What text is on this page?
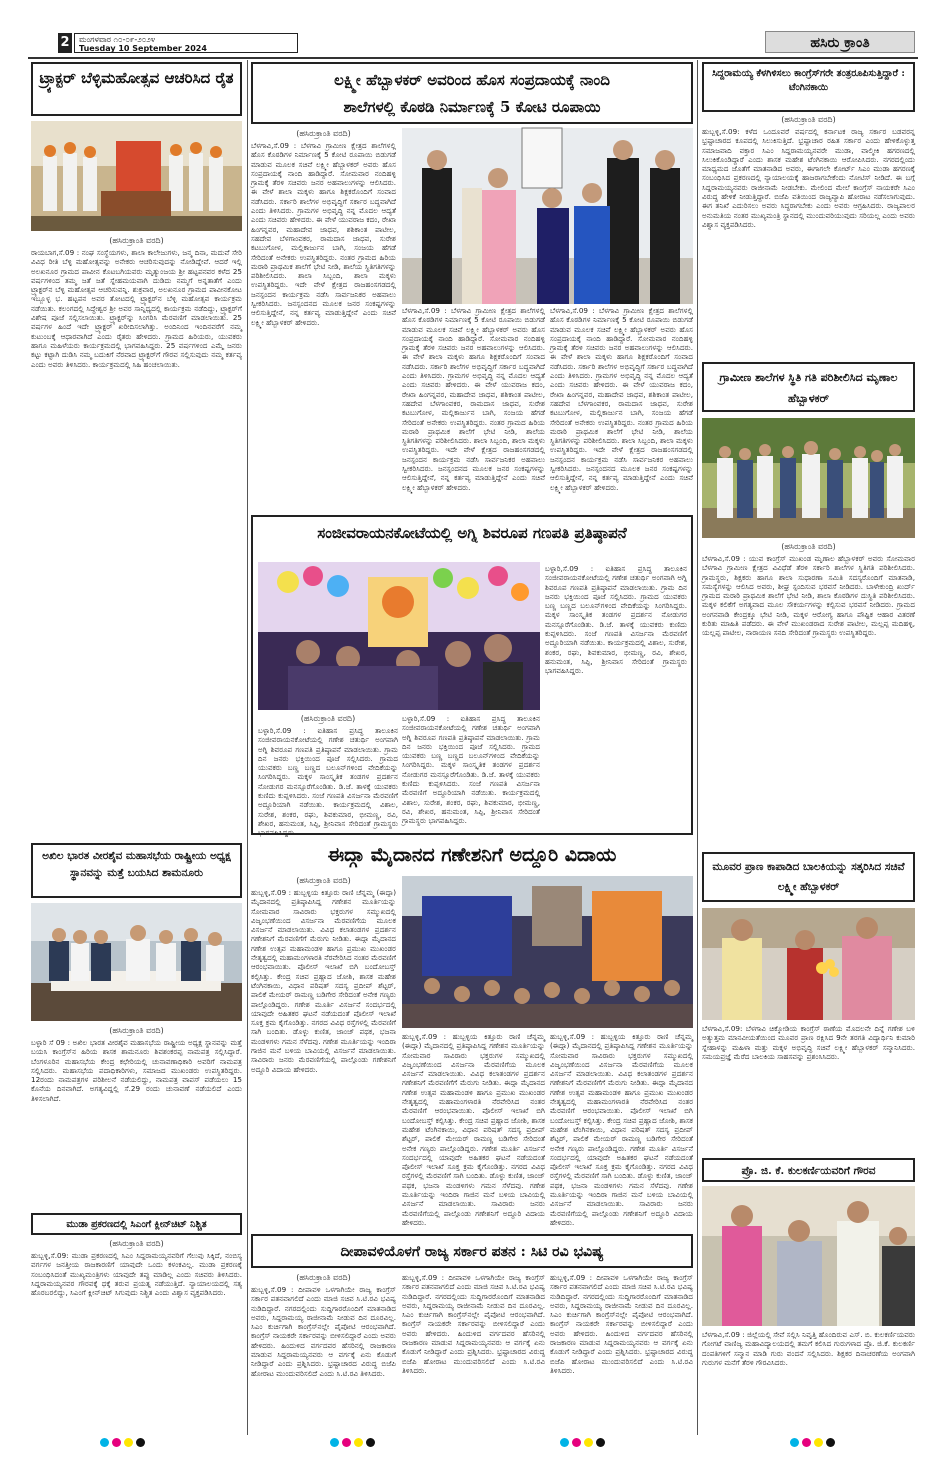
2	ಮಂಗಳವಾರ ೧೦-೦೯-೨೦೨೪
Tuesday 10 September 2024	ಹಸಿರು ಕ್ರಾಂತಿ
ಟ್ರ್ಯಾಕ್ಟರ್ ಬೆಳ್ಳಿಮಹೋತ್ಸವ ಆಚರಿಸಿದ ರೈತ
(ಹಸಿರುಕ್ರಾಂತಿ ವರದಿ)
ರಾಯಬಾಗ,ಸೆ.09 : ನಂಘ ಸಂಸ್ಥೆಯಗಳು, ಶಾಲಾ ಕಾಲೇಜುಗಳು, ಜನ್ಮ ದಿನಾ, ಮದುವೆ ಸೇರಿ ವಿವಿಧ ರೀತಿ ಬೆಳ್ಳಿ ಮಹೋತ್ಸವನ್ನು ಅನೇಕರು ಆಚರಿಸುವುದನ್ನು ನೋಡಿದ್ದೇವೆ. ಆದರೆ ಇಲ್ಲಿ ಅಲಖನೂರ ಗ್ರಾಮದ ಪಾವೀನ ಕೊಟಬಗಿಯವರು ಮೃತ್ಯುಂಜಯ ಶ್ರೀ ಹಟ್ಟಪನವರ ಕಳೆದ 25 ವರ್ಷಗಳಿಂದ ತಮ್ಮ ಜತೆ ಜತೆ ಸ್ನೇಹಮಯವಾಗಿ ದುಡಿದು ನಮ್ಮಗೆ ಅನ್ನತಾತೆಗೆ ಎಂದು ಟ್ರ್ಯಾಕ್ಟರ್‌ನ ಬೆಳ್ಳಿ ಮಹೋತ್ಸವ ಆಚರಿಸುವನ್ನಿ. ಶುಕ್ರವಾರ, ಅಲಖನೂರ ಗ್ರಾಮದ ಪಾವೀನಕೋಟ ಇಬ್ಬೂಳ್ಳ ಭ. ಹಟ್ಟಪನ ಅವರ ತೋಟದಲ್ಲಿ ಟ್ರ್ಯಾಕ್ಟರ್‌ನ ಬೆಳ್ಳಿ ಮಹೋತ್ಸವ ಕಾರ್ಯಕ್ರಮ ನಡೆಯಿತು. ಕಲಂಗದಲ್ಲಿ ಸಿದ್ಧೇಶ್ವರ ಶ್ರೀ ಅವರ ಸಾನ್ನಿಧ್ಯದಲ್ಲಿ ಕಾರ್ಯಕ್ರಮ ನಡೆದಿದ್ದು, ಟ್ರ್ಯಾಕ್ಟರ್‌ಗೆ ವಿಶೇಷ ಪೂಜೆ ಸಲ್ಲಿಸಲಾಯಿತು. ಟ್ರ್ಯಾಕ್ಟರ್‌ನ್ನು ಸಿಂಗರಿಸಿ ಮೆರವಣಿಗೆ ಮಾಡಲಾಯಿತು. 25 ವರ್ಷಗಳ ಹಿಂದೆ ಇದೇ ಟ್ರ್ಯಾಕ್ಟರ್ ಖರೀದಿಸಲಾಗಿತ್ತು. ಅಂದಿನಿಂದ ಇಂದಿನವರೆಗೆ ನಮ್ಮ ಕುಟುಂಬಕ್ಕೆ ಆಧಾರವಾಗಿದೆ ಎಂದು ರೈತರು ಹೇಳಿದರು. ಗ್ರಾಮದ ಹಿರಿಯರು, ಯುವಕರು ಹಾಗೂ ಮಹಿಳೆಯರು ಕಾರ್ಯಕ್ರಮದಲ್ಲಿ ಭಾಗವಹಿಸಿದ್ದರು. 25 ವರ್ಷಗಳಿಂದ ಎಮ್ಮೆ ಜನರು ಕಟ್ಟು ಕಟ್ಟಾಗಿ ದುಡಿಸಿ ನಮ್ಮ ಬದುಕಿಗೆ ನೆರವಾದ ಟ್ರ್ಯಾಕ್ಟರ್‌ಗೆ ಗೌರವ ಸಲ್ಲಿಸುವುದು ನಮ್ಮ ಕರ್ತವ್ಯ ಎಂದು ಅವರು ತಿಳಿಸಿದರು. ಕಾರ್ಯಕ್ರಮದಲ್ಲಿ ಸಿಹಿ ಹಂಚಲಾಯಿತು.
ಅಖಿಲ ಭಾರತ ವೀರಶೈವ ಮಹಾಸಭೆಯ ರಾಷ್ಟ್ರೀಯ ಅಧ್ಯಕ್ಷ ಸ್ಥಾನವನ್ನು ಮತ್ತೆ ಬಯಸಿದ ಶಾಮನೂರು
(ಹಸಿರುಕ್ರಾಂತಿ ವರದಿ)
ಬಳ್ಳಾರಿ ಸೆ 09 : ಅಖಿಲ ಭಾರತ ವೀರಶೈವ ಮಹಾಸಭೆಯ ರಾಷ್ಟ್ರೀಯ ಅಧ್ಯಕ್ಷ ಸ್ಥಾನವನ್ನು ಮತ್ತೆ ಬಯಸಿ ಕಾಂಗ್ರೆಸ್‌ನ ಹಿರಿಯ ಶಾಸಕ ಶಾಮನೂರು ಶಿವಶಂಕರಪ್ಪ ನಾಮಪತ್ರ ಸಲ್ಲಿಸಿದ್ದಾರೆ. ಬೆಂಗಳೂರಿನ ಮಹಾಸಭೆಯ ಕೇಂದ್ರ ಕಛೇರಿಯಲ್ಲಿ ಚುನಾವಣಾಧಿಕಾರಿ ಅವರಿಗೆ ನಾಮಪತ್ರ ಸಲ್ಲಿಸಿದರು. ಮಹಾಸಭೆಯ ಪದಾಧಿಕಾರಿಗಳು, ಸಮಾಜದ ಮುಖಂಡರು ಉಪಸ್ಥಿತರಿದ್ದರು. 12ರಂದು ನಾಮಪತ್ರಗಳ ಪರಿಶೀಲನೆ ನಡೆಯಲಿದ್ದು, ನಾಮಪತ್ರ ವಾಪಸ್ ಪಡೆಯಲು 15 ಕೊನೆಯ ದಿನವಾಗಿದೆ. ಅಗತ್ಯವಿದ್ದಲ್ಲಿ ಸೆ.29 ರಂದು ಚುನಾವಣೆ ನಡೆಯಲಿದೆ ಎಂದು ತಿಳಿಸಲಾಗಿದೆ.
ಮುಡಾ ಪ್ರಕರಣದಲ್ಲಿ ಸಿಎಂಗೆ ಕ್ಲೀನ್‌ಚಿಟ್ ನಿಶ್ಚಿತ
(ಹಸಿರುಕ್ರಾಂತಿ ವರದಿ)
ಹುಬ್ಬಳ್ಳಿ,ಸೆ.09: ಮುಡಾ ಪ್ರಕರಣದಲ್ಲಿ ಸಿಎಂ ಸಿದ್ದರಾಮಯ್ಯನವರಿಗೆ ಗೆಲುವು ಸಿಕ್ಕಿದೆ, ನಂಬಿಸ್ಯ ವರ್ಗಗಳ ಜನತ್ತೀಯ ರಾಜಕಾರಣಿಗೆ ಯಾವುದೇ ಒಂದು ಕಳಂಕವಿಲ್ಲ. ಮುಡಾ ಪ್ರಕರಣಕ್ಕೆ ಸಂಬಂಧಿಸಿದಂತೆ ಮುಖ್ಯಮಂತ್ರಿಗಳು ಯಾವುದೇ ತಪ್ಪು ಮಾಡಿಲ್ಲ ಎಂದು ಸಚಿವರು ತಿಳಿಸಿದರು. ಸಿದ್ದರಾಮಯ್ಯನವರ ಗೌರವಕ್ಕೆ ಧಕ್ಕೆ ತರುವ ಪ್ರಯತ್ನ ನಡೆಯುತ್ತಿದೆ. ನ್ಯಾಯಾಲಯದಲ್ಲಿ ಸತ್ಯ ಹೊರಬರಲಿದ್ದು, ಸಿಎಂಗೆ ಕ್ಲೀನ್‌ಚಿಟ್ ಸಿಗುವುದು ನಿಶ್ಚಿತ ಎಂದು ವಿಶ್ವಾಸ ವ್ಯಕ್ತಪಡಿಸಿದರು.
ಲಕ್ಷ್ಮೀ ಹೆಬ್ಬಾಳಕರ್ ಅವರಿಂದ ಹೊಸ ಸಂಪ್ರದಾಯಕ್ಕೆ ನಾಂದಿ
ಶಾಲೆಗಳಲ್ಲಿ ಕೊಠಡಿ ನಿರ್ಮಾಣಕ್ಕೆ 5 ಕೋಟಿ ರೂಪಾಯಿ
(ಹಸಿರುಕ್ರಾಂತಿ ವರದಿ)
ಬೆಳಗಾವಿ,ಸೆ.09 : ಬೆಳಗಾವಿ ಗ್ರಾಮೀಣ ಕ್ಷೇತ್ರದ ಶಾಲೆಗಳಲ್ಲಿ ಹೊಸ ಕೊಠಡಿಗಳ ನಿರ್ಮಾಣಕ್ಕೆ 5 ಕೋಟಿ ರೂಪಾಯಿ ಬಿಡುಗಡೆ ಮಾಡುವ ಮೂಲಕ ಸಚಿವೆ ಲಕ್ಷ್ಮೀ ಹೆಬ್ಬಾಳಕರ್ ಅವರು ಹೊಸ ಸಂಪ್ರದಾಯಕ್ಕೆ ನಾಂದಿ ಹಾಡಿದ್ದಾರೆ. ಸೋಮವಾರ ನಂದಿಹಳ್ಳಿ ಗ್ರಾಮಕ್ಕೆ ತೆರಳಿ ಸಚಿವರು ಜನರ ಅಹವಾಲುಗಳನ್ನು ಆಲಿಸಿದರು. ಈ ವೇಳೆ ಶಾಲಾ ಮಕ್ಕಳು ಹಾಗೂ ಶಿಕ್ಷಕರೊಂದಿಗೆ ಸಂವಾದ ನಡೆಸಿದರು. ಸರ್ಕಾರಿ ಶಾಲೆಗಳ ಅಭಿವೃದ್ಧಿಗೆ ಸರ್ಕಾರ ಬದ್ಧವಾಗಿದೆ ಎಂದು ತಿಳಿಸಿದರು. ಗ್ರಾಮಗಳ ಅಭಿವೃದ್ಧಿ ನನ್ನ ಮೊದಲ ಆದ್ಯತೆ ಎಂದು ಸಚಿವರು ಹೇಳಿದರು. ಈ ವೇಳೆ ಯುವರಾಜ ಕದಂ, ರೇಖಾ ಹಿಂಗನ್ನವರ, ಮಹಾದೇವ ಜಾಧವ, ಶಶಿಕಾಂತ ಪಾಟೀಲ, ಸಹದೇವ ಬೆಳಗಾಂವಕರ, ರಾಮದಾಸ ಜಾಧವ, ಸುರೇಶ ಕಟಬುಗೋಳ, ಮಲ್ಲಿಕಾರ್ಜುನ ಬಾಗಿ, ಸಂಜಯ ಹೆಗಡೆ ಸೇರಿದಂತೆ ಅನೇಕರು ಉಪಸ್ಥಿತರಿದ್ದರು. ನಂತರ ಗ್ರಾಮದ ಹಿರಿಯ ಮರಾಠಿ ಪ್ರಾಥಮಿಕ ಶಾಲೆಗೆ ಭೇಟಿ ನೀಡಿ, ಶಾಲೆಯ ಸ್ಥಿತಿಗತಿಗಳನ್ನು ಪರಿಶೀಲಿಸಿದರು. ಶಾಲಾ ಸಿಬ್ಬಂದಿ, ಶಾಲಾ ಮಕ್ಕಳು ಉಪಸ್ಥಿತರಿದ್ದರು. ಇದೇ ವೇಳೆ ಕ್ಷೇತ್ರದ ರಾಜಹಂಸಗಡದಲ್ಲಿ ಜನಸ್ಪಂದನ ಕಾರ್ಯಕ್ರಮ ನಡೆಸಿ ಸಾರ್ವಜನಿಕರ ಅಹವಾಲು ಸ್ವೀಕರಿಸಿದರು. ಜನಸ್ಪಂದನದ ಮೂಲಕ ಜನರ ಸಂಕಷ್ಟಗಳನ್ನು ಆಲಿಸುತ್ತಿದ್ದೇನೆ, ನನ್ನ ಕರ್ತವ್ಯ ಮಾಡುತ್ತಿದ್ದೇನೆ ಎಂದು ಸಚಿವೆ ಲಕ್ಷ್ಮೀ ಹೆಬ್ಬಾಳಕರ್ ಹೇಳಿದರು.
ಬೆಳಗಾವಿ,ಸೆ.09 : ಬೆಳಗಾವಿ ಗ್ರಾಮೀಣ ಕ್ಷೇತ್ರದ ಶಾಲೆಗಳಲ್ಲಿ ಹೊಸ ಕೊಠಡಿಗಳ ನಿರ್ಮಾಣಕ್ಕೆ 5 ಕೋಟಿ ರೂಪಾಯಿ ಬಿಡುಗಡೆ ಮಾಡುವ ಮೂಲಕ ಸಚಿವೆ ಲಕ್ಷ್ಮೀ ಹೆಬ್ಬಾಳಕರ್ ಅವರು ಹೊಸ ಸಂಪ್ರದಾಯಕ್ಕೆ ನಾಂದಿ ಹಾಡಿದ್ದಾರೆ. ಸೋಮವಾರ ನಂದಿಹಳ್ಳಿ ಗ್ರಾಮಕ್ಕೆ ತೆರಳಿ ಸಚಿವರು ಜನರ ಅಹವಾಲುಗಳನ್ನು ಆಲಿಸಿದರು. ಈ ವೇಳೆ ಶಾಲಾ ಮಕ್ಕಳು ಹಾಗೂ ಶಿಕ್ಷಕರೊಂದಿಗೆ ಸಂವಾದ ನಡೆಸಿದರು. ಸರ್ಕಾರಿ ಶಾಲೆಗಳ ಅಭಿವೃದ್ಧಿಗೆ ಸರ್ಕಾರ ಬದ್ಧವಾಗಿದೆ ಎಂದು ತಿಳಿಸಿದರು. ಗ್ರಾಮಗಳ ಅಭಿವೃದ್ಧಿ ನನ್ನ ಮೊದಲ ಆದ್ಯತೆ ಎಂದು ಸಚಿವರು ಹೇಳಿದರು. ಈ ವೇಳೆ ಯುವರಾಜ ಕದಂ, ರೇಖಾ ಹಿಂಗನ್ನವರ, ಮಹಾದೇವ ಜಾಧವ, ಶಶಿಕಾಂತ ಪಾಟೀಲ, ಸಹದೇವ ಬೆಳಗಾಂವಕರ, ರಾಮದಾಸ ಜಾಧವ, ಸುರೇಶ ಕಟಬುಗೋಳ, ಮಲ್ಲಿಕಾರ್ಜುನ ಬಾಗಿ, ಸಂಜಯ ಹೆಗಡೆ ಸೇರಿದಂತೆ ಅನೇಕರು ಉಪಸ್ಥಿತರಿದ್ದರು. ನಂತರ ಗ್ರಾಮದ ಹಿರಿಯ ಮರಾಠಿ ಪ್ರಾಥಮಿಕ ಶಾಲೆಗೆ ಭೇಟಿ ನೀಡಿ, ಶಾಲೆಯ ಸ್ಥಿತಿಗತಿಗಳನ್ನು ಪರಿಶೀಲಿಸಿದರು. ಶಾಲಾ ಸಿಬ್ಬಂದಿ, ಶಾಲಾ ಮಕ್ಕಳು ಉಪಸ್ಥಿತರಿದ್ದರು. ಇದೇ ವೇಳೆ ಕ್ಷೇತ್ರದ ರಾಜಹಂಸಗಡದಲ್ಲಿ ಜನಸ್ಪಂದನ ಕಾರ್ಯಕ್ರಮ ನಡೆಸಿ ಸಾರ್ವಜನಿಕರ ಅಹವಾಲು ಸ್ವೀಕರಿಸಿದರು. ಜನಸ್ಪಂದನದ ಮೂಲಕ ಜನರ ಸಂಕಷ್ಟಗಳನ್ನು ಆಲಿಸುತ್ತಿದ್ದೇನೆ, ನನ್ನ ಕರ್ತವ್ಯ ಮಾಡುತ್ತಿದ್ದೇನೆ ಎಂದು ಸಚಿವೆ ಲಕ್ಷ್ಮೀ ಹೆಬ್ಬಾಳಕರ್ ಹೇಳಿದರು.
ಬೆಳಗಾವಿ,ಸೆ.09 : ಬೆಳಗಾವಿ ಗ್ರಾಮೀಣ ಕ್ಷೇತ್ರದ ಶಾಲೆಗಳಲ್ಲಿ ಹೊಸ ಕೊಠಡಿಗಳ ನಿರ್ಮಾಣಕ್ಕೆ 5 ಕೋಟಿ ರೂಪಾಯಿ ಬಿಡುಗಡೆ ಮಾಡುವ ಮೂಲಕ ಸಚಿವೆ ಲಕ್ಷ್ಮೀ ಹೆಬ್ಬಾಳಕರ್ ಅವರು ಹೊಸ ಸಂಪ್ರದಾಯಕ್ಕೆ ನಾಂದಿ ಹಾಡಿದ್ದಾರೆ. ಸೋಮವಾರ ನಂದಿಹಳ್ಳಿ ಗ್ರಾಮಕ್ಕೆ ತೆರಳಿ ಸಚಿವರು ಜನರ ಅಹವಾಲುಗಳನ್ನು ಆಲಿಸಿದರು. ಈ ವೇಳೆ ಶಾಲಾ ಮಕ್ಕಳು ಹಾಗೂ ಶಿಕ್ಷಕರೊಂದಿಗೆ ಸಂವಾದ ನಡೆಸಿದರು. ಸರ್ಕಾರಿ ಶಾಲೆಗಳ ಅಭಿವೃದ್ಧಿಗೆ ಸರ್ಕಾರ ಬದ್ಧವಾಗಿದೆ ಎಂದು ತಿಳಿಸಿದರು. ಗ್ರಾಮಗಳ ಅಭಿವೃದ್ಧಿ ನನ್ನ ಮೊದಲ ಆದ್ಯತೆ ಎಂದು ಸಚಿವರು ಹೇಳಿದರು. ಈ ವೇಳೆ ಯುವರಾಜ ಕದಂ, ರೇಖಾ ಹಿಂಗನ್ನವರ, ಮಹಾದೇವ ಜಾಧವ, ಶಶಿಕಾಂತ ಪಾಟೀಲ, ಸಹದೇವ ಬೆಳಗಾಂವಕರ, ರಾಮದಾಸ ಜಾಧವ, ಸುರೇಶ ಕಟಬುಗೋಳ, ಮಲ್ಲಿಕಾರ್ಜುನ ಬಾಗಿ, ಸಂಜಯ ಹೆಗಡೆ ಸೇರಿದಂತೆ ಅನೇಕರು ಉಪಸ್ಥಿತರಿದ್ದರು. ನಂತರ ಗ್ರಾಮದ ಹಿರಿಯ ಮರಾಠಿ ಪ್ರಾಥಮಿಕ ಶಾಲೆಗೆ ಭೇಟಿ ನೀಡಿ, ಶಾಲೆಯ ಸ್ಥಿತಿಗತಿಗಳನ್ನು ಪರಿಶೀಲಿಸಿದರು. ಶಾಲಾ ಸಿಬ್ಬಂದಿ, ಶಾಲಾ ಮಕ್ಕಳು ಉಪಸ್ಥಿತರಿದ್ದರು. ಇದೇ ವೇಳೆ ಕ್ಷೇತ್ರದ ರಾಜಹಂಸಗಡದಲ್ಲಿ ಜನಸ್ಪಂದನ ಕಾರ್ಯಕ್ರಮ ನಡೆಸಿ ಸಾರ್ವಜನಿಕರ ಅಹವಾಲು ಸ್ವೀಕರಿಸಿದರು. ಜನಸ್ಪಂದನದ ಮೂಲಕ ಜನರ ಸಂಕಷ್ಟಗಳನ್ನು ಆಲಿಸುತ್ತಿದ್ದೇನೆ, ನನ್ನ ಕರ್ತವ್ಯ ಮಾಡುತ್ತಿದ್ದೇನೆ ಎಂದು ಸಚಿವೆ ಲಕ್ಷ್ಮೀ ಹೆಬ್ಬಾಳಕರ್ ಹೇಳಿದರು.
ಸಂಜೀವರಾಯನಕೋಟೆಯಲ್ಲಿ ಅಗ್ನಿ ಶಿವರೂಪ ಗಣಪತಿ ಪ್ರತಿಷ್ಠಾಪನೆ
ಬಳ್ಳಾರಿ,ಸೆ.09 : ಐತಿಹಾಸ ಪ್ರಸಿದ್ಧ ತಾಲೂಕಿನ ಸಂಜೀವರಾಯನಕೋಟೆಯಲ್ಲಿ ಗಣೇಶ ಚತುರ್ಥಿ ಅಂಗವಾಗಿ ಅಗ್ನಿ ಶಿವರೂಪ ಗಣಪತಿ ಪ್ರತಿಷ್ಠಾಪನೆ ಮಾಡಲಾಯಿತು. ಗ್ರಾಮ ದಿನ ಜನರು ಭಕ್ತಿಯಿಂದ ಪೂಜೆ ಸಲ್ಲಿಸಿದರು. ಗ್ರಾಮದ ಯುವಕರು ಬಣ್ಣ ಬಣ್ಣದ ಬಲೂನ್‌ಗಳಿಂದ ವೇದಿಕೆಯನ್ನು ಸಿಂಗರಿಸಿದ್ದರು. ಮಕ್ಕಳ ಸಾಂಸ್ಕೃತಿಕ ತಂಡಗಳ ಪ್ರದರ್ಶನ ನೋಡುಗರ ಮನಸ್ಸೂರೆಗೊಂಡಿತು. ಡಿ.ಜೆ. ತಾಳಕ್ಕೆ ಯುವಕರು ಕುಣಿದು ಕುಪ್ಪಳಿಸಿದರು. ಸಂಜೆ ಗಣಪತಿ ವಿಸರ್ಜನಾ ಮೆರವಣಿಗೆ ಅದ್ದೂರಿಯಾಗಿ ನಡೆಯಿತು. ಕಾರ್ಯಕ್ರಮದಲ್ಲಿ ವಿಶಾಲ, ಸುರೇಶ, ಶಂಕರ, ರಘು, ಶಿವಕುಮಾರ, ಭೀಮಣ್ಣ, ರವಿ, ಶೇಖರ, ಹನುಮಂತ, ಸಿಪ್ಪಿ, ಶ್ರೀನಿವಾಸ ಸೇರಿದಂತೆ ಗ್ರಾಮಸ್ಥರು ಭಾಗವಹಿಸಿದ್ದರು.
(ಹಸಿರುಕ್ರಾಂತಿ ವರದಿ)
ಬಳ್ಳಾರಿ,ಸೆ.09 : ಐತಿಹಾಸ ಪ್ರಸಿದ್ಧ ತಾಲೂಕಿನ ಸಂಜೀವರಾಯನಕೋಟೆಯಲ್ಲಿ ಗಣೇಶ ಚತುರ್ಥಿ ಅಂಗವಾಗಿ ಅಗ್ನಿ ಶಿವರೂಪ ಗಣಪತಿ ಪ್ರತಿಷ್ಠಾಪನೆ ಮಾಡಲಾಯಿತು. ಗ್ರಾಮ ದಿನ ಜನರು ಭಕ್ತಿಯಿಂದ ಪೂಜೆ ಸಲ್ಲಿಸಿದರು. ಗ್ರಾಮದ ಯುವಕರು ಬಣ್ಣ ಬಣ್ಣದ ಬಲೂನ್‌ಗಳಿಂದ ವೇದಿಕೆಯನ್ನು ಸಿಂಗರಿಸಿದ್ದರು. ಮಕ್ಕಳ ಸಾಂಸ್ಕೃತಿಕ ತಂಡಗಳ ಪ್ರದರ್ಶನ ನೋಡುಗರ ಮನಸ್ಸೂರೆಗೊಂಡಿತು. ಡಿ.ಜೆ. ತಾಳಕ್ಕೆ ಯುವಕರು ಕುಣಿದು ಕುಪ್ಪಳಿಸಿದರು. ಸಂಜೆ ಗಣಪತಿ ವಿಸರ್ಜನಾ ಮೆರವಣಿಗೆ ಅದ್ದೂರಿಯಾಗಿ ನಡೆಯಿತು. ಕಾರ್ಯಕ್ರಮದಲ್ಲಿ ವಿಶಾಲ, ಸುರೇಶ, ಶಂಕರ, ರಘು, ಶಿವಕುಮಾರ, ಭೀಮಣ್ಣ, ರವಿ, ಶೇಖರ, ಹನುಮಂತ, ಸಿಪ್ಪಿ, ಶ್ರೀನಿವಾಸ ಸೇರಿದಂತೆ ಗ್ರಾಮಸ್ಥರು ಭಾಗವಹಿಸಿದ್ದರು.
ಬಳ್ಳಾರಿ,ಸೆ.09 : ಐತಿಹಾಸ ಪ್ರಸಿದ್ಧ ತಾಲೂಕಿನ ಸಂಜೀವರಾಯನಕೋಟೆಯಲ್ಲಿ ಗಣೇಶ ಚತುರ್ಥಿ ಅಂಗವಾಗಿ ಅಗ್ನಿ ಶಿವರೂಪ ಗಣಪತಿ ಪ್ರತಿಷ್ಠಾಪನೆ ಮಾಡಲಾಯಿತು. ಗ್ರಾಮ ದಿನ ಜನರು ಭಕ್ತಿಯಿಂದ ಪೂಜೆ ಸಲ್ಲಿಸಿದರು. ಗ್ರಾಮದ ಯುವಕರು ಬಣ್ಣ ಬಣ್ಣದ ಬಲೂನ್‌ಗಳಿಂದ ವೇದಿಕೆಯನ್ನು ಸಿಂಗರಿಸಿದ್ದರು. ಮಕ್ಕಳ ಸಾಂಸ್ಕೃತಿಕ ತಂಡಗಳ ಪ್ರದರ್ಶನ ನೋಡುಗರ ಮನಸ್ಸೂರೆಗೊಂಡಿತು. ಡಿ.ಜೆ. ತಾಳಕ್ಕೆ ಯುವಕರು ಕುಣಿದು ಕುಪ್ಪಳಿಸಿದರು. ಸಂಜೆ ಗಣಪತಿ ವಿಸರ್ಜನಾ ಮೆರವಣಿಗೆ ಅದ್ದೂರಿಯಾಗಿ ನಡೆಯಿತು. ಕಾರ್ಯಕ್ರಮದಲ್ಲಿ ವಿಶಾಲ, ಸುರೇಶ, ಶಂಕರ, ರಘು, ಶಿವಕುಮಾರ, ಭೀಮಣ್ಣ, ರವಿ, ಶೇಖರ, ಹನುಮಂತ, ಸಿಪ್ಪಿ, ಶ್ರೀನಿವಾಸ ಸೇರಿದಂತೆ ಗ್ರಾಮಸ್ಥರು ಭಾಗವಹಿಸಿದ್ದರು.
ಈದ್ಗಾ ಮೈದಾನದ ಗಣೇಶನಿಗೆ ಅದ್ದೂರಿ ವಿದಾಯ
(ಹಸಿರುಕ್ರಾಂತಿ ವರದಿ)
ಹುಬ್ಬಳ್ಳಿ,ಸೆ.09 : ಹುಬ್ಬಳ್ಳಿಯ ಕಿತ್ತೂರು ರಾಣಿ ಚೆನ್ನಮ್ಮ (ಈದ್ಗಾ) ಮೈದಾನದಲ್ಲಿ ಪ್ರತಿಷ್ಠಾಪಿಸಿದ್ದ ಗಣೇಶನ ಮೂರ್ತಿಯನ್ನು ಸೋಮವಾರ ಸಾವಿರಾರು ಭಕ್ತರುಗಳ ಸಮ್ಮುಖದಲ್ಲಿ ವಿಜೃಂಭಣೆಯಿಂದ ವಿಸರ್ಜನಾ ಮೆರವಣಿಗೆಯ ಮೂಲಕ ವಿಸರ್ಜನೆ ಮಾಡಲಾಯಿತು. ವಿವಿಧ ಕಲಾತಂಡಗಳ ಪ್ರದರ್ಶನ ಗಣೇಶನಿಗೆ ಮೆರವಣಿಗೆಗೆ ಮೆರುಗು ನೀಡಿತು. ಈದ್ಗಾ ಮೈದಾನದ ಗಣೇಶ ಉತ್ಸವ ಮಹಾಮಂಡಳಿ ಹಾಗೂ ಪ್ರಮುಖ ಮುಖಂಡರ ನೇತೃತ್ವದಲ್ಲಿ ಮಹಾಮಂಗಳಾರತಿ ನೆರವೇರಿಸಿದ ನಂತರ ಮೆರವಣಿಗೆ ಆರಂಭವಾಯಿತು. ಪೊಲೀಸ್ ಇಲಾಖೆ ಬಿಗಿ ಬಂದೋಬಸ್ತ್ ಕಲ್ಪಿಸಿತ್ತು. ಕೇಂದ್ರ ಸಚಿವ ಪ್ರಹ್ಲಾದ ಜೋಶಿ, ಶಾಸಕ ಮಹೇಶ ಟೆಂಗಿನಕಾಯಿ, ವಿಧಾನ ಪರಿಷತ್ ಸದಸ್ಯ ಪ್ರದೀಪ್ ಶೆಟ್ಟರ್, ಪಾಲಿಕೆ ಮೇಯರ್ ರಾಮಣ್ಣ ಬಡಿಗೇರ ಸೇರಿದಂತೆ ಅನೇಕ ಗಣ್ಯರು ಪಾಲ್ಗೊಂಡಿದ್ದರು. ಗಣೇಶ ಮೂರ್ತಿ ವಿಸರ್ಜನೆ ಸಂದರ್ಭದಲ್ಲಿ ಯಾವುದೇ ಅಹಿತಕರ ಘಟನೆ ನಡೆಯದಂತೆ ಪೊಲೀಸ್ ಇಲಾಖೆ ಸೂಕ್ತ ಕ್ರಮ ಕೈಗೊಂಡಿತ್ತು. ನಗರದ ವಿವಿಧ ರಸ್ತೆಗಳಲ್ಲಿ ಮೆರವಣಿಗೆ ಸಾಗಿ ಬಂದಿತು. ಡೊಳ್ಳು ಕುಣಿತ, ಜಾಂಜ್ ಪಥಕ, ಭಜನಾ ಮಂಡಳಿಗಳು ಗಮನ ಸೆಳೆದವು. ಗಣೇಶ ಮೂರ್ತಿಯನ್ನು ಇಂದಿರಾ ಗಾಜಿನ ಮನೆ ಬಳಿಯ ಬಾವಿಯಲ್ಲಿ ವಿಸರ್ಜನೆ ಮಾಡಲಾಯಿತು. ಸಾವಿರಾರು ಜನರು ಮೆರವಣಿಗೆಯಲ್ಲಿ ಪಾಲ್ಗೊಂಡು ಗಣೇಶನಿಗೆ ಅದ್ದೂರಿ ವಿದಾಯ ಹೇಳಿದರು.
ಹುಬ್ಬಳ್ಳಿ,ಸೆ.09 : ಹುಬ್ಬಳ್ಳಿಯ ಕಿತ್ತೂರು ರಾಣಿ ಚೆನ್ನಮ್ಮ (ಈದ್ಗಾ) ಮೈದಾನದಲ್ಲಿ ಪ್ರತಿಷ್ಠಾಪಿಸಿದ್ದ ಗಣೇಶನ ಮೂರ್ತಿಯನ್ನು ಸೋಮವಾರ ಸಾವಿರಾರು ಭಕ್ತರುಗಳ ಸಮ್ಮುಖದಲ್ಲಿ ವಿಜೃಂಭಣೆಯಿಂದ ವಿಸರ್ಜನಾ ಮೆರವಣಿಗೆಯ ಮೂಲಕ ವಿಸರ್ಜನೆ ಮಾಡಲಾಯಿತು. ವಿವಿಧ ಕಲಾತಂಡಗಳ ಪ್ರದರ್ಶನ ಗಣೇಶನಿಗೆ ಮೆರವಣಿಗೆಗೆ ಮೆರುಗು ನೀಡಿತು. ಈದ್ಗಾ ಮೈದಾನದ ಗಣೇಶ ಉತ್ಸವ ಮಹಾಮಂಡಳಿ ಹಾಗೂ ಪ್ರಮುಖ ಮುಖಂಡರ ನೇತೃತ್ವದಲ್ಲಿ ಮಹಾಮಂಗಳಾರತಿ ನೆರವೇರಿಸಿದ ನಂತರ ಮೆರವಣಿಗೆ ಆರಂಭವಾಯಿತು. ಪೊಲೀಸ್ ಇಲಾಖೆ ಬಿಗಿ ಬಂದೋಬಸ್ತ್ ಕಲ್ಪಿಸಿತ್ತು. ಕೇಂದ್ರ ಸಚಿವ ಪ್ರಹ್ಲಾದ ಜೋಶಿ, ಶಾಸಕ ಮಹೇಶ ಟೆಂಗಿನಕಾಯಿ, ವಿಧಾನ ಪರಿಷತ್ ಸದಸ್ಯ ಪ್ರದೀಪ್ ಶೆಟ್ಟರ್, ಪಾಲಿಕೆ ಮೇಯರ್ ರಾಮಣ್ಣ ಬಡಿಗೇರ ಸೇರಿದಂತೆ ಅನೇಕ ಗಣ್ಯರು ಪಾಲ್ಗೊಂಡಿದ್ದರು. ಗಣೇಶ ಮೂರ್ತಿ ವಿಸರ್ಜನೆ ಸಂದರ್ಭದಲ್ಲಿ ಯಾವುದೇ ಅಹಿತಕರ ಘಟನೆ ನಡೆಯದಂತೆ ಪೊಲೀಸ್ ಇಲಾಖೆ ಸೂಕ್ತ ಕ್ರಮ ಕೈಗೊಂಡಿತ್ತು. ನಗರದ ವಿವಿಧ ರಸ್ತೆಗಳಲ್ಲಿ ಮೆರವಣಿಗೆ ಸಾಗಿ ಬಂದಿತು. ಡೊಳ್ಳು ಕುಣಿತ, ಜಾಂಜ್ ಪಥಕ, ಭಜನಾ ಮಂಡಳಿಗಳು ಗಮನ ಸೆಳೆದವು. ಗಣೇಶ ಮೂರ್ತಿಯನ್ನು ಇಂದಿರಾ ಗಾಜಿನ ಮನೆ ಬಳಿಯ ಬಾವಿಯಲ್ಲಿ ವಿಸರ್ಜನೆ ಮಾಡಲಾಯಿತು. ಸಾವಿರಾರು ಜನರು ಮೆರವಣಿಗೆಯಲ್ಲಿ ಪಾಲ್ಗೊಂಡು ಗಣೇಶನಿಗೆ ಅದ್ದೂರಿ ವಿದಾಯ ಹೇಳಿದರು.
ಹುಬ್ಬಳ್ಳಿ,ಸೆ.09 : ಹುಬ್ಬಳ್ಳಿಯ ಕಿತ್ತೂರು ರಾಣಿ ಚೆನ್ನಮ್ಮ (ಈದ್ಗಾ) ಮೈದಾನದಲ್ಲಿ ಪ್ರತಿಷ್ಠಾಪಿಸಿದ್ದ ಗಣೇಶನ ಮೂರ್ತಿಯನ್ನು ಸೋಮವಾರ ಸಾವಿರಾರು ಭಕ್ತರುಗಳ ಸಮ್ಮುಖದಲ್ಲಿ ವಿಜೃಂಭಣೆಯಿಂದ ವಿಸರ್ಜನಾ ಮೆರವಣಿಗೆಯ ಮೂಲಕ ವಿಸರ್ಜನೆ ಮಾಡಲಾಯಿತು. ವಿವಿಧ ಕಲಾತಂಡಗಳ ಪ್ರದರ್ಶನ ಗಣೇಶನಿಗೆ ಮೆರವಣಿಗೆಗೆ ಮೆರುಗು ನೀಡಿತು. ಈದ್ಗಾ ಮೈದಾನದ ಗಣೇಶ ಉತ್ಸವ ಮಹಾಮಂಡಳಿ ಹಾಗೂ ಪ್ರಮುಖ ಮುಖಂಡರ ನೇತೃತ್ವದಲ್ಲಿ ಮಹಾಮಂಗಳಾರತಿ ನೆರವೇರಿಸಿದ ನಂತರ ಮೆರವಣಿಗೆ ಆರಂಭವಾಯಿತು. ಪೊಲೀಸ್ ಇಲಾಖೆ ಬಿಗಿ ಬಂದೋಬಸ್ತ್ ಕಲ್ಪಿಸಿತ್ತು. ಕೇಂದ್ರ ಸಚಿವ ಪ್ರಹ್ಲಾದ ಜೋಶಿ, ಶಾಸಕ ಮಹೇಶ ಟೆಂಗಿನಕಾಯಿ, ವಿಧಾನ ಪರಿಷತ್ ಸದಸ್ಯ ಪ್ರದೀಪ್ ಶೆಟ್ಟರ್, ಪಾಲಿಕೆ ಮೇಯರ್ ರಾಮಣ್ಣ ಬಡಿಗೇರ ಸೇರಿದಂತೆ ಅನೇಕ ಗಣ್ಯರು ಪಾಲ್ಗೊಂಡಿದ್ದರು. ಗಣೇಶ ಮೂರ್ತಿ ವಿಸರ್ಜನೆ ಸಂದರ್ಭದಲ್ಲಿ ಯಾವುದೇ ಅಹಿತಕರ ಘಟನೆ ನಡೆಯದಂತೆ ಪೊಲೀಸ್ ಇಲಾಖೆ ಸೂಕ್ತ ಕ್ರಮ ಕೈಗೊಂಡಿತ್ತು. ನಗರದ ವಿವಿಧ ರಸ್ತೆಗಳಲ್ಲಿ ಮೆರವಣಿಗೆ ಸಾಗಿ ಬಂದಿತು. ಡೊಳ್ಳು ಕುಣಿತ, ಜಾಂಜ್ ಪಥಕ, ಭಜನಾ ಮಂಡಳಿಗಳು ಗಮನ ಸೆಳೆದವು. ಗಣೇಶ ಮೂರ್ತಿಯನ್ನು ಇಂದಿರಾ ಗಾಜಿನ ಮನೆ ಬಳಿಯ ಬಾವಿಯಲ್ಲಿ ವಿಸರ್ಜನೆ ಮಾಡಲಾಯಿತು. ಸಾವಿರಾರು ಜನರು ಮೆರವಣಿಗೆಯಲ್ಲಿ ಪಾಲ್ಗೊಂಡು ಗಣೇಶನಿಗೆ ಅದ್ದೂರಿ ವಿದಾಯ ಹೇಳಿದರು.
ದೀಪಾವಳಿಯೊಳಗೆ ರಾಜ್ಯ ಸರ್ಕಾರ ಪತನ : ಸಿಟಿ ರವಿ ಭವಿಷ್ಯ
(ಹಸಿರುಕ್ರಾಂತಿ ವರದಿ)
ಹುಬ್ಬಳ್ಳಿ,ಸೆ.09 : ದೀಪಾವಳಿ ಒಳಗಾಗಿಯೇ ರಾಜ್ಯ ಕಾಂಗ್ರೆಸ್ ಸರ್ಕಾರ ಪತನವಾಗಲಿದೆ ಎಂದು ಮಾಜಿ ಸಚಿವ ಸಿ.ಟಿ.ರವಿ ಭವಿಷ್ಯ ನುಡಿದಿದ್ದಾರೆ. ನಗರದಲ್ಲಿಂದು ಸುದ್ದಿಗಾರರೊಂದಿಗೆ ಮಾತನಾಡಿದ ಅವರು, ಸಿದ್ದರಾಮಯ್ಯ ರಾಜೀನಾಮೆ ನೀಡುವ ದಿನ ದೂರವಿಲ್ಲ. ಸಿಎಂ ಕುರ್ಚಿಗಾಗಿ ಕಾಂಗ್ರೆಸ್‌ನಲ್ಲೇ ಪೈಪೋಟಿ ಆರಂಭವಾಗಿದೆ. ಕಾಂಗ್ರೆಸ್ ನಾಯಕರೇ ಸರ್ಕಾರವನ್ನು ಬೀಳಿಸಲಿದ್ದಾರೆ ಎಂದು ಅವರು ಹೇಳಿದರು. ಹಿಂದುಳಿದ ವರ್ಗದವರ ಹೆಸರಿನಲ್ಲಿ ರಾಜಕಾರಣ ಮಾಡುವ ಸಿದ್ದರಾಮಯ್ಯನವರು ಆ ವರ್ಗಕ್ಕೆ ಏನು ಕೊಡುಗೆ ನೀಡಿದ್ದಾರೆ ಎಂದು ಪ್ರಶ್ನಿಸಿದರು. ಭ್ರಷ್ಟಾಚಾರದ ವಿರುದ್ಧ ಬಿಜೆಪಿ ಹೋರಾಟ ಮುಂದುವರಿಸಲಿದೆ ಎಂದು ಸಿ.ಟಿ.ರವಿ ತಿಳಿಸಿದರು.
ಹುಬ್ಬಳ್ಳಿ,ಸೆ.09 : ದೀಪಾವಳಿ ಒಳಗಾಗಿಯೇ ರಾಜ್ಯ ಕಾಂಗ್ರೆಸ್ ಸರ್ಕಾರ ಪತನವಾಗಲಿದೆ ಎಂದು ಮಾಜಿ ಸಚಿವ ಸಿ.ಟಿ.ರವಿ ಭವಿಷ್ಯ ನುಡಿದಿದ್ದಾರೆ. ನಗರದಲ್ಲಿಂದು ಸುದ್ದಿಗಾರರೊಂದಿಗೆ ಮಾತನಾಡಿದ ಅವರು, ಸಿದ್ದರಾಮಯ್ಯ ರಾಜೀನಾಮೆ ನೀಡುವ ದಿನ ದೂರವಿಲ್ಲ. ಸಿಎಂ ಕುರ್ಚಿಗಾಗಿ ಕಾಂಗ್ರೆಸ್‌ನಲ್ಲೇ ಪೈಪೋಟಿ ಆರಂಭವಾಗಿದೆ. ಕಾಂಗ್ರೆಸ್ ನಾಯಕರೇ ಸರ್ಕಾರವನ್ನು ಬೀಳಿಸಲಿದ್ದಾರೆ ಎಂದು ಅವರು ಹೇಳಿದರು. ಹಿಂದುಳಿದ ವರ್ಗದವರ ಹೆಸರಿನಲ್ಲಿ ರಾಜಕಾರಣ ಮಾಡುವ ಸಿದ್ದರಾಮಯ್ಯನವರು ಆ ವರ್ಗಕ್ಕೆ ಏನು ಕೊಡುಗೆ ನೀಡಿದ್ದಾರೆ ಎಂದು ಪ್ರಶ್ನಿಸಿದರು. ಭ್ರಷ್ಟಾಚಾರದ ವಿರುದ್ಧ ಬಿಜೆಪಿ ಹೋರಾಟ ಮುಂದುವರಿಸಲಿದೆ ಎಂದು ಸಿ.ಟಿ.ರವಿ ತಿಳಿಸಿದರು.
ಹುಬ್ಬಳ್ಳಿ,ಸೆ.09 : ದೀಪಾವಳಿ ಒಳಗಾಗಿಯೇ ರಾಜ್ಯ ಕಾಂಗ್ರೆಸ್ ಸರ್ಕಾರ ಪತನವಾಗಲಿದೆ ಎಂದು ಮಾಜಿ ಸಚಿವ ಸಿ.ಟಿ.ರವಿ ಭವಿಷ್ಯ ನುಡಿದಿದ್ದಾರೆ. ನಗರದಲ್ಲಿಂದು ಸುದ್ದಿಗಾರರೊಂದಿಗೆ ಮಾತನಾಡಿದ ಅವರು, ಸಿದ್ದರಾಮಯ್ಯ ರಾಜೀನಾಮೆ ನೀಡುವ ದಿನ ದೂರವಿಲ್ಲ. ಸಿಎಂ ಕುರ್ಚಿಗಾಗಿ ಕಾಂಗ್ರೆಸ್‌ನಲ್ಲೇ ಪೈಪೋಟಿ ಆರಂಭವಾಗಿದೆ. ಕಾಂಗ್ರೆಸ್ ನಾಯಕರೇ ಸರ್ಕಾರವನ್ನು ಬೀಳಿಸಲಿದ್ದಾರೆ ಎಂದು ಅವರು ಹೇಳಿದರು. ಹಿಂದುಳಿದ ವರ್ಗದವರ ಹೆಸರಿನಲ್ಲಿ ರಾಜಕಾರಣ ಮಾಡುವ ಸಿದ್ದರಾಮಯ್ಯನವರು ಆ ವರ್ಗಕ್ಕೆ ಏನು ಕೊಡುಗೆ ನೀಡಿದ್ದಾರೆ ಎಂದು ಪ್ರಶ್ನಿಸಿದರು. ಭ್ರಷ್ಟಾಚಾರದ ವಿರುದ್ಧ ಬಿಜೆಪಿ ಹೋರಾಟ ಮುಂದುವರಿಸಲಿದೆ ಎಂದು ಸಿ.ಟಿ.ರವಿ ತಿಳಿಸಿದರು.
ಸಿದ್ದರಾಮಯ್ಯ ಕೆಳಗಿಳಿಸಲು ಕಾಂಗ್ರೆಸ್‌ಗರೇ ತಂತ್ರರೂಪಿಸುತ್ತಿದ್ದಾರೆ : ಟೆಂಗಿನಕಾಯಿ
(ಹಸಿರುಕ್ರಾಂತಿ ವರದಿ)
ಹುಬ್ಬಳ್ಳಿ,ಸೆ.09: ಕಳೆದ ಒಂದೂವರೆ ವರ್ಷದಲ್ಲಿ ಕರ್ನಾಟಕ ರಾಜ್ಯ ಸರ್ಕಾರ ಬಡವರನ್ನ ಭ್ರಷ್ಟಾಚಾರದ ಕೂಪದಲ್ಲಿ ಸಿಲುಕಿಸುತ್ತಿದೆ. ಭ್ರಷ್ಟಾಚಾರ ರಹಿತ ಸರ್ಕಾರ ಎಂದು ಹೇಳಿಕೊಳ್ಳುತ್ತ ಸಮಾಜವಾದಿ ವಕ್ತಾರ ಸಿಎಂ ಸಿದ್ದರಾಮಯ್ಯನವರೇ ಮುಡಾ, ವಾಲ್ಮೀಕಿ ಹಗರಣದಲ್ಲಿ ಸಿಲುಕಿಕೊಂಡಿದ್ದಾರೆ ಎಂದು ಶಾಸಕ ಮಹೇಶ ಟೆಂಗಿನಕಾಯಿ ಆರೋಪಿಸಿದರು. ನಗರದಲ್ಲಿಂದು ಮಾಧ್ಯಮದ ಜೊತೆಗೆ ಮಾತನಾಡಿದ ಅವರು, ಈಗಾಗಲೇ ಕೋರ್ಟ್ ಸಿಎಂ ಮುಡಾ ಹಗರಣಕ್ಕೆ ಸಂಬಂಧಿಸಿದ ಪ್ರಕರಣದಲ್ಲಿ ನ್ಯಾಯಾಲಯಕ್ಕೆ ಹಾಜರಾಗಬೇಕೆಂದು ನೋಟಿಸ್ ನೀಡಿದೆ. ಈ ಬಗ್ಗೆ ಸಿದ್ದರಾಮಯ್ಯನವರು ರಾಜೀನಾಮೆ ನೀಡಬೇಕು. ಮೇಲಿಂದ ಮೇಲೆ ಕಾಂಗ್ರೆಸ್ ನಾಯಕರೇ ಸಿಎಂ ವಿರುದ್ಧ ಹೇಳಿಕೆ ನೀಡುತ್ತಿದ್ದಾರೆ. ಬಿಜೆಪಿ ವತಿಯಿಂದ ರಾಜ್ಯವ್ಯಾಪಿ ಹೋರಾಟ ನಡೆಸಲಾಗುವುದು. ಈಗ ತನಿಖೆ ಎದುರಿಸಲು ಅವರು ಸಿದ್ಧರಾಗಬೇಕು ಎಂದು ಅವರು ಆಗ್ರಹಿಸಿದರು. ರಾಜ್ಯಪಾಲರ ಅನುಮತಿಯ ನಂತರ ಮುಖ್ಯಮಂತ್ರಿ ಸ್ಥಾನದಲ್ಲಿ ಮುಂದುವರಿಯುವುದು ಸರಿಯಲ್ಲ ಎಂದು ಅವರು ವಿಶ್ವಾಸ ವ್ಯಕ್ತಪಡಿಸಿದರು.
ಗ್ರಾಮೀಣ ಶಾಲೆಗಳ ಸ್ಥಿತಿ ಗತಿ ಪರಿಶೀಲಿಸಿದ ಮೃಣಾಲ ಹೆಬ್ಬಾಳಕರ್
(ಹಸಿರುಕ್ರಾಂತಿ ವರದಿ)
ಬೆಳಗಾವಿ,ಸೆ.09 : ಯುವ ಕಾಂಗ್ರೆಸ್ ಮುಖಂಡ ಮೃಣಾಲ ಹೆಬ್ಬಾಳಕರ್ ಅವರು ಸೋಮವಾರ ಬೆಳಗಾವಿ ಗ್ರಾಮೀಣ ಕ್ಷೇತ್ರದ ವಿವಿಧೆಡೆ ತೆರಳಿ ಸರ್ಕಾರಿ ಶಾಲೆಗಳ ಸ್ಥಿತಿಗತಿ ಪರಿಶೀಲಿಸಿದರು. ಗ್ರಾಮಸ್ಥರು, ಶಿಕ್ಷಕರು ಹಾಗೂ ಶಾಲಾ ಸುಧಾರಣಾ ಸಮಿತಿ ಸದಸ್ಯರೊಂದಿಗೆ ಮಾತನಾಡಿ, ಸಮಸ್ಯೆಗಳನ್ನು ಆಲಿಸಿದ ಅವರು, ಶೀಘ್ರ ಸ್ಪಂದಿಸುವ ಭರವಸೆ ನೀಡಿದರು. ಬಾಳೇಕುಂದ್ರಿ ಖುರ್ದ್ ಗ್ರಾಮದ ಮರಾಠಿ ಪ್ರಾಥಮಿಕ ಶಾಲೆಗೆ ಭೇಟಿ ನೀಡಿ, ಶಾಲಾ ಕೊಠಡಿಗಳ ದುಸ್ಥಿತಿ ಪರಿಶೀಲಿಸಿದರು. ಮಕ್ಕಳ ಕಲಿಕೆಗೆ ಅಗತ್ಯವಾದ ಮೂಲ ಸೌಕರ್ಯಗಳನ್ನು ಕಲ್ಪಿಸುವ ಭರವಸೆ ನೀಡಿದರು. ಗ್ರಾಮದ ಅಂಗನವಾಡಿ ಕೇಂದ್ರಕ್ಕೂ ಭೇಟಿ ನೀಡಿ, ಮಕ್ಕಳ ಆರೋಗ್ಯ ಹಾಗೂ ಪೌಷ್ಟಿಕ ಆಹಾರ ವಿತರಣೆ ಕುರಿತು ಮಾಹಿತಿ ಪಡೆದರು. ಈ ವೇಳೆ ಮುಖಂಡರಾದ ಸುರೇಶ ಪಾಟೀಲ, ಮಲ್ಲಪ್ಪ ಮದಿಹಳ್ಳಿ, ಯಲ್ಲಪ್ಪ ಪಾಟೀಲ, ನಾರಾಯಣ ಸನದಿ ಸೇರಿದಂತೆ ಗ್ರಾಮಸ್ಥರು ಉಪಸ್ಥಿತರಿದ್ದರು.
ಮೂವರ ಪ್ರಾಣ ಕಾಪಾಡಿದ ಬಾಲಕಿಯನ್ನು ಸತ್ಕರಿಸಿದ ಸಚಿವೆ ಲಕ್ಷ್ಮೀ ಹೆಬ್ಬಾಳಕರ್
ಬೆಳಗಾವಿ,ಸೆ.09: ಬೆಳಗಾವಿ ಚಿಕ್ಕೋಡಿಯ ಕಾಂಗ್ರೆಸ್ ಠಾಣೆಯ ಮೊದಲನೇ ದಿನ್ನೆ ಗಣೇಶ ಬಳಿ ಅತ್ಯುತ್ತಮ ಮಾನವೀಯತೆಯಿಂದ ಮೂವರ ಪ್ರಾಣ ರಕ್ಷಿಸಿದ 9ನೇ ತರಗತಿ ವಿದ್ಯಾರ್ಥಿನಿ ಕುಮಾರಿ ಸ್ನೇಹಾಳನ್ನು ಮಹಿಳಾ ಮತ್ತು ಮಕ್ಕಳ ಅಭಿವೃದ್ಧಿ ಸಚಿವೆ ಲಕ್ಷ್ಮೀ ಹೆಬ್ಬಾಳಕರ್ ಸನ್ಮಾನಿಸಿದರು. ಸಮಯಪ್ರಜ್ಞೆ ಮೆರೆದ ಬಾಲಕಿಯ ಸಾಹಸವನ್ನು ಪ್ರಶಂಸಿಸಿದರು.
ಪ್ರೊ. ಜಿ. ಕೆ. ಕುಲಕರ್ಣಿಯವರಿಗೆ ಗೌರವ
ಬೆಳಗಾವಿ,ಸೆ.09 : ಜಿಲ್ಲೆಯಲ್ಲಿ ಸೇವೆ ಸಲ್ಲಿಸಿ ನಿವೃತ್ತಿ ಹೊಂದಿರುವ ಎಸ್. ಬಿ. ಕುಲಕರ್ಣಿಯವರು ಗೋಗಟೆ ವಾಣಿಜ್ಯ ಮಹಾವಿದ್ಯಾಲಯದಲ್ಲಿ ತಮಗೆ ಕಲಿಸಿದ ಗುರುಗಳಾದ ಪ್ರೊ. ಜಿ.ಕೆ. ಕುಲಕರ್ಣಿ ದಂಪತಿಗಳಿಗೆ ಸನ್ಮಾನ ಮಾಡಿ ಗುರು ವಂದನೆ ಸಲ್ಲಿಸಿದರು. ಶಿಕ್ಷಕರ ದಿನಾಚರಣೆಯ ಅಂಗವಾಗಿ ಗುರುಗಳ ಮನೆಗೆ ತೆರಳಿ ಗೌರವಿಸಿದರು.
